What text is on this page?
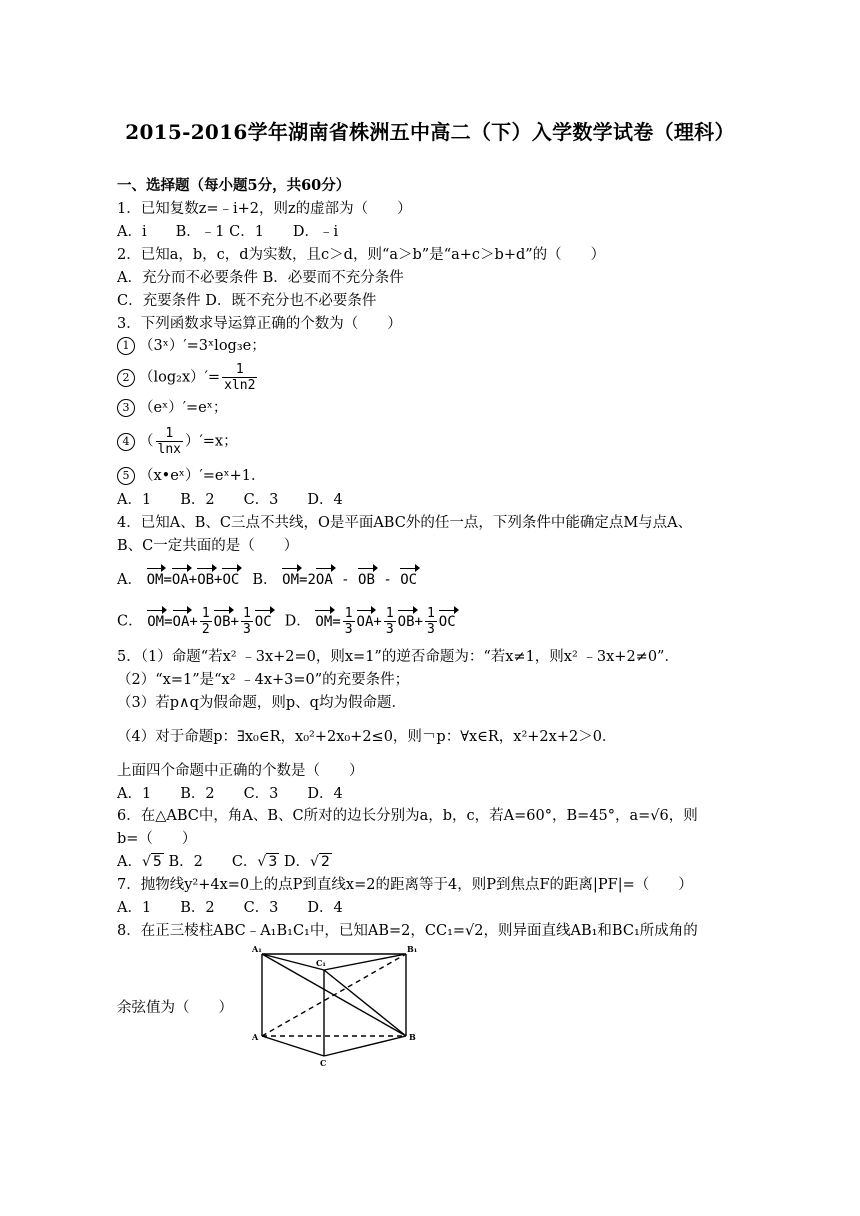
2015-2016学年湖南省株洲五中高二（下）入学数学试卷（理科）
一、选择题（每小题5分，共60分）
1．已知复数z=﹣i+2，则z的虚部为（　　）
A．i　　B．﹣1 C．1　　D．﹣i
2．已知a，b，c，d为实数，且c＞d，则“a＞b”是“a+c＞b+d”的（　　）
A．充分而不必要条件 B．必要而不充分条件
C．充要条件 D．既不充分也不必要条件
3．下列函数求导运算正确的个数为（　　）
1 （3ˣ）′=3ˣlog₃e；
2 $(\log_2x)'= \frac{1}{xln2}$
3 （eˣ）′=eˣ；
4 （ $\frac{1}{\ln x} )'=x$；
5 （x•eˣ）′=eˣ+1．
A．1　　B．2　　C．3　　D．4
4．已知A、B、C三点不共线，O是平面ABC外的任一点，下列条件中能确定点M与点A、
B、C一定共面的是（　　）
A． OM=OA+OB+OC B． OM=2OA - OB - OC
C． $OM=OA+ \frac{1}{2} OB+ \frac{1}{3}$ OC D． $OM= \frac{1}{3} OA+ \frac{1}{3} OB+ \frac{1}{3}$ OC
5．（1）命题“若x² ﹣3x+2=0，则x=1”的逆否命题为：“若x≠1，则x² ﹣3x+2≠0”．
（2）“x=1”是“x² ﹣4x+3=0”的充要条件；
（3）若p∧q为假命题，则p、q均为假命题．
（4）对于命题p：∃x₀∈R，x₀²+2x₀+2≤0，则￢p：∀x∈R，x²+2x+2＞0．
上面四个命题中正确的个数是（　　）
A．1　　B．2　　C．3　　D．4
6．在△ABC中，角A、B、C所对的边长分别为a，b，c，若A=60°，B=45°，a=√6，则
b=（　　）
A．√ 5 B．2　　C．√ 3 D．√ 2
7．抛物线y²+4x=0上的点P到直线x=2的距离等于4，则P到焦点F的距离|PF|=（　　）
A．1　　B．2　　C．3　　D．4
8．在正三棱柱ABC﹣A₁B₁C₁中，已知AB=2，CC₁=√2，则异面直线AB₁和BC₁所成角的
余弦值为（　　）
A₁
C₁
B₁
A	B
C
